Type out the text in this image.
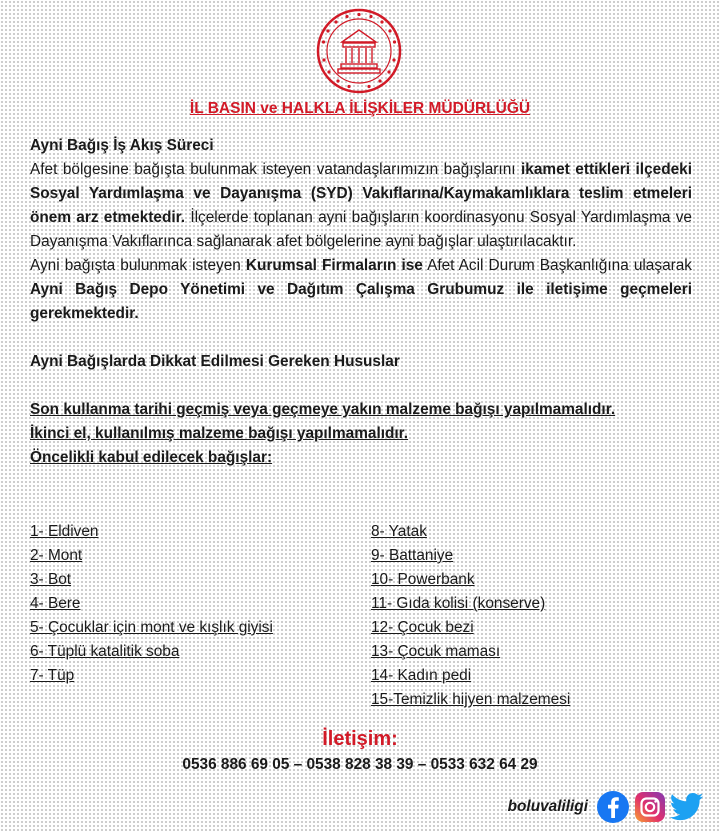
İL BASIN ve HALKLA İLİŞKİLER MÜDÜRLÜĞÜ

Ayni Bağış İş Akış Süreci

Afet bölgesine bağışta bulunmak isteyen vatandaşlarımızın bağışlarını ikamet ettikleri ilçedeki Sosyal Yardımlaşma ve Dayanışma (SYD) Vakıflarına/Kaymakamlıklara teslim etmeleri önem arz etmektedir. İlçelerde toplanan ayni bağışların koordinasyonu Sosyal Yardımlaşma ve Dayanışma Vakıflarınca sağlanarak afet bölgelerine ayni bağışlar ulaştırılacaktır.

Ayni bağışta bulunmak isteyen Kurumsal Firmaların ise Afet Acil Durum Başkanlığına ulaşarak Ayni Bağış Depo Yönetimi ve Dağıtım Çalışma Grubumuz ile iletişime geçmeleri gerekmektedir.

Ayni Bağışlarda Dikkat Edilmesi Gereken Hususlar

Son kullanma tarihi geçmiş veya geçmeye yakın malzeme bağışı yapılmamalıdır.

İkinci el, kullanılmış malzeme bağışı yapılmamalıdır.

Öncelikli kabul edilecek bağışlar:

1- Eldiven
2- Mont
3- Bot
4- Bere
5- Çocuklar için mont ve kışlık giyisi
6- Tüplü katalitik soba
7- Tüp
8- Yatak
9- Battaniye
10- Powerbank
11- Gıda kolisi (konserve)
12- Çocuk bezi
13- Çocuk maması
14- Kadın pedi
15-Temizlik hijyen malzemesi
İletişim:
0536 886 69 05 – 0538 828 38 39 – 0533 632 64 29
boluvaliligi
